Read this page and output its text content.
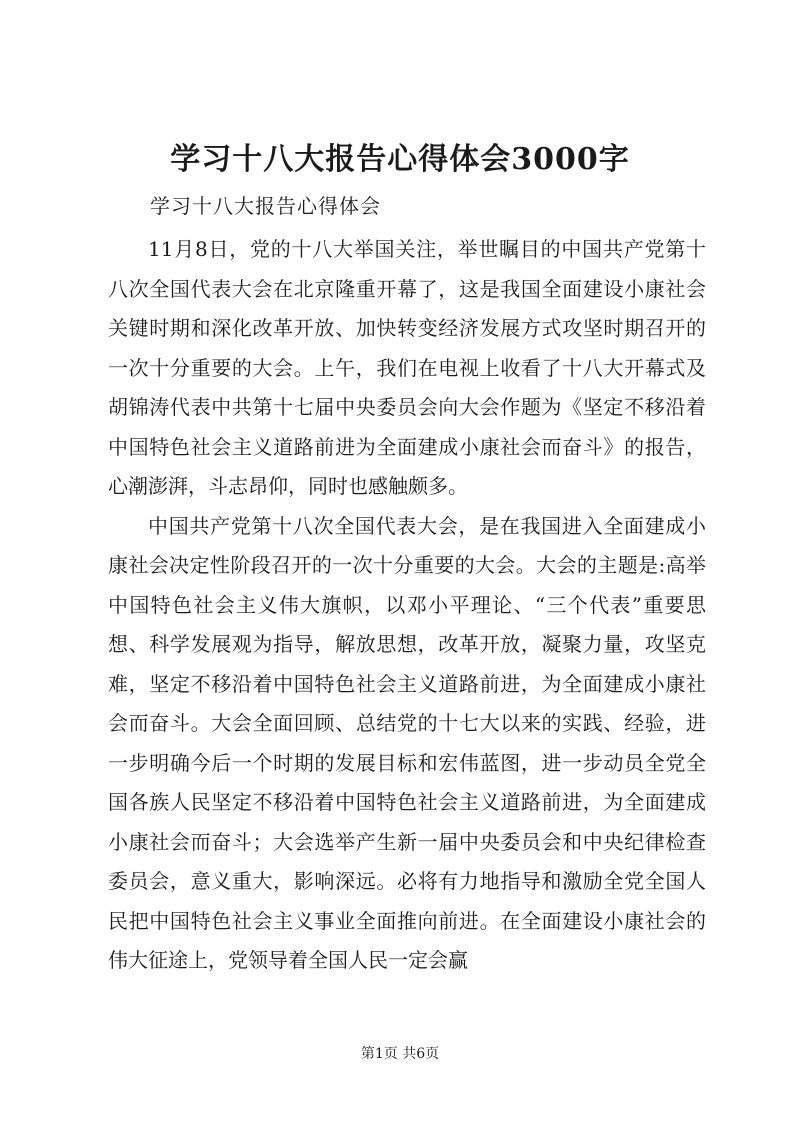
学习十八大报告心得体会3000字
学习十八大报告心得体会

11月8日，党的十八大举国关注，举世瞩目的中国共产党第十八次全国代表大会在北京隆重开幕了，这是我国全面建设小康社会关键时期和深化改革开放、加快转变经济发展方式攻坚时期召开的一次十分重要的大会。上午，我们在电视上收看了十八大开幕式及胡锦涛代表中共第十七届中央委员会向大会作题为《坚定不移沿着中国特色社会主义道路前进为全面建成小康社会而奋斗》的报告，心潮澎湃，斗志昂仰，同时也感触颇多。

中国共产党第十八次全国代表大会，是在我国进入全面建成小康社会决定性阶段召开的一次十分重要的大会。大会的主题是:高举中国特色社会主义伟大旗帜，以邓小平理论、“三个代表”重要思想、科学发展观为指导，解放思想，改革开放，凝聚力量，攻坚克难，坚定不移沿着中国特色社会主义道路前进，为全面建成小康社会而奋斗。大会全面回顾、总结党的十七大以来的实践、经验，进一步明确今后一个时期的发展目标和宏伟蓝图，进一步动员全党全国各族人民坚定不移沿着中国特色社会主义道路前进，为全面建成小康社会而奋斗；大会选举产生新一届中央委员会和中央纪律检查委员会，意义重大，影响深远。必将有力地指导和激励全党全国人民把中国特色社会主义事业全面推向前进。在全面建设小康社会的伟大征途上，党领导着全国人民一定会赢

第1页 共6页
